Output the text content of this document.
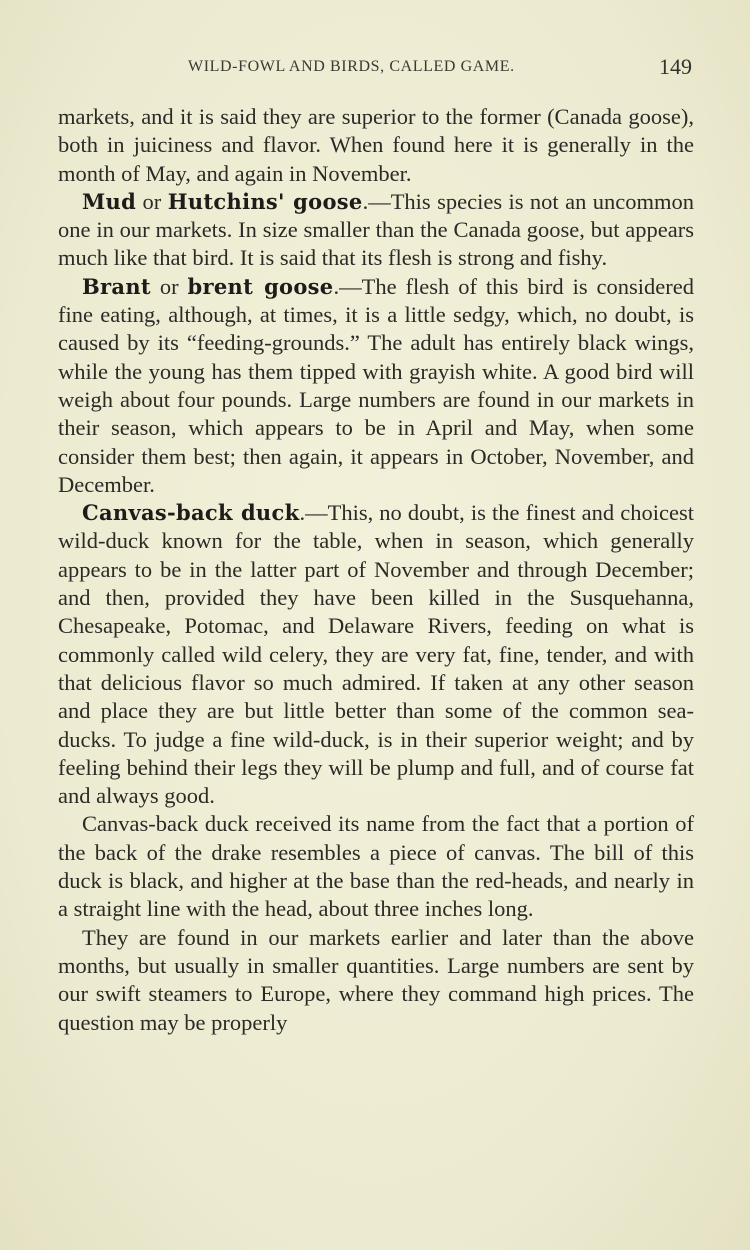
WILD-FOWL AND BIRDS, CALLED GAME.	149

markets, and it is said they are superior to the former (Canada goose), both in juiciness and flavor. When found here it is generally in the month of May, and again in November.

Mud or Hutchins' goose.—This species is not an uncommon one in our markets. In size smaller than the Canada goose, but appears much like that bird. It is said that its flesh is strong and fishy.

Brant or brent goose.—The flesh of this bird is considered fine eating, although, at times, it is a little sedgy, which, no doubt, is caused by its “feeding-grounds.” The adult has entirely black wings, while the young has them tipped with grayish white. A good bird will weigh about four pounds. Large numbers are found in our markets in their season, which appears to be in April and May, when some consider them best; then again, it appears in October, November, and December.

Canvas-back duck.—This, no doubt, is the finest and choicest wild-duck known for the table, when in season, which generally appears to be in the latter part of November and through December; and then, provided they have been killed in the Susquehanna, Chesapeake, Potomac, and Delaware Rivers, feeding on what is commonly called wild celery, they are very fat, fine, tender, and with that delicious flavor so much admired. If taken at any other season and place they are but little better than some of the common sea-ducks. To judge a fine wild-duck, is in their superior weight; and by feeling behind their legs they will be plump and full, and of course fat and always good.

Canvas-back duck received its name from the fact that a portion of the back of the drake resembles a piece of canvas. The bill of this duck is black, and higher at the base than the red-heads, and nearly in a straight line with the head, about three inches long.

They are found in our markets earlier and later than the above months, but usually in smaller quantities. Large numbers are sent by our swift steamers to Europe, where they command high prices. The question may be properly
